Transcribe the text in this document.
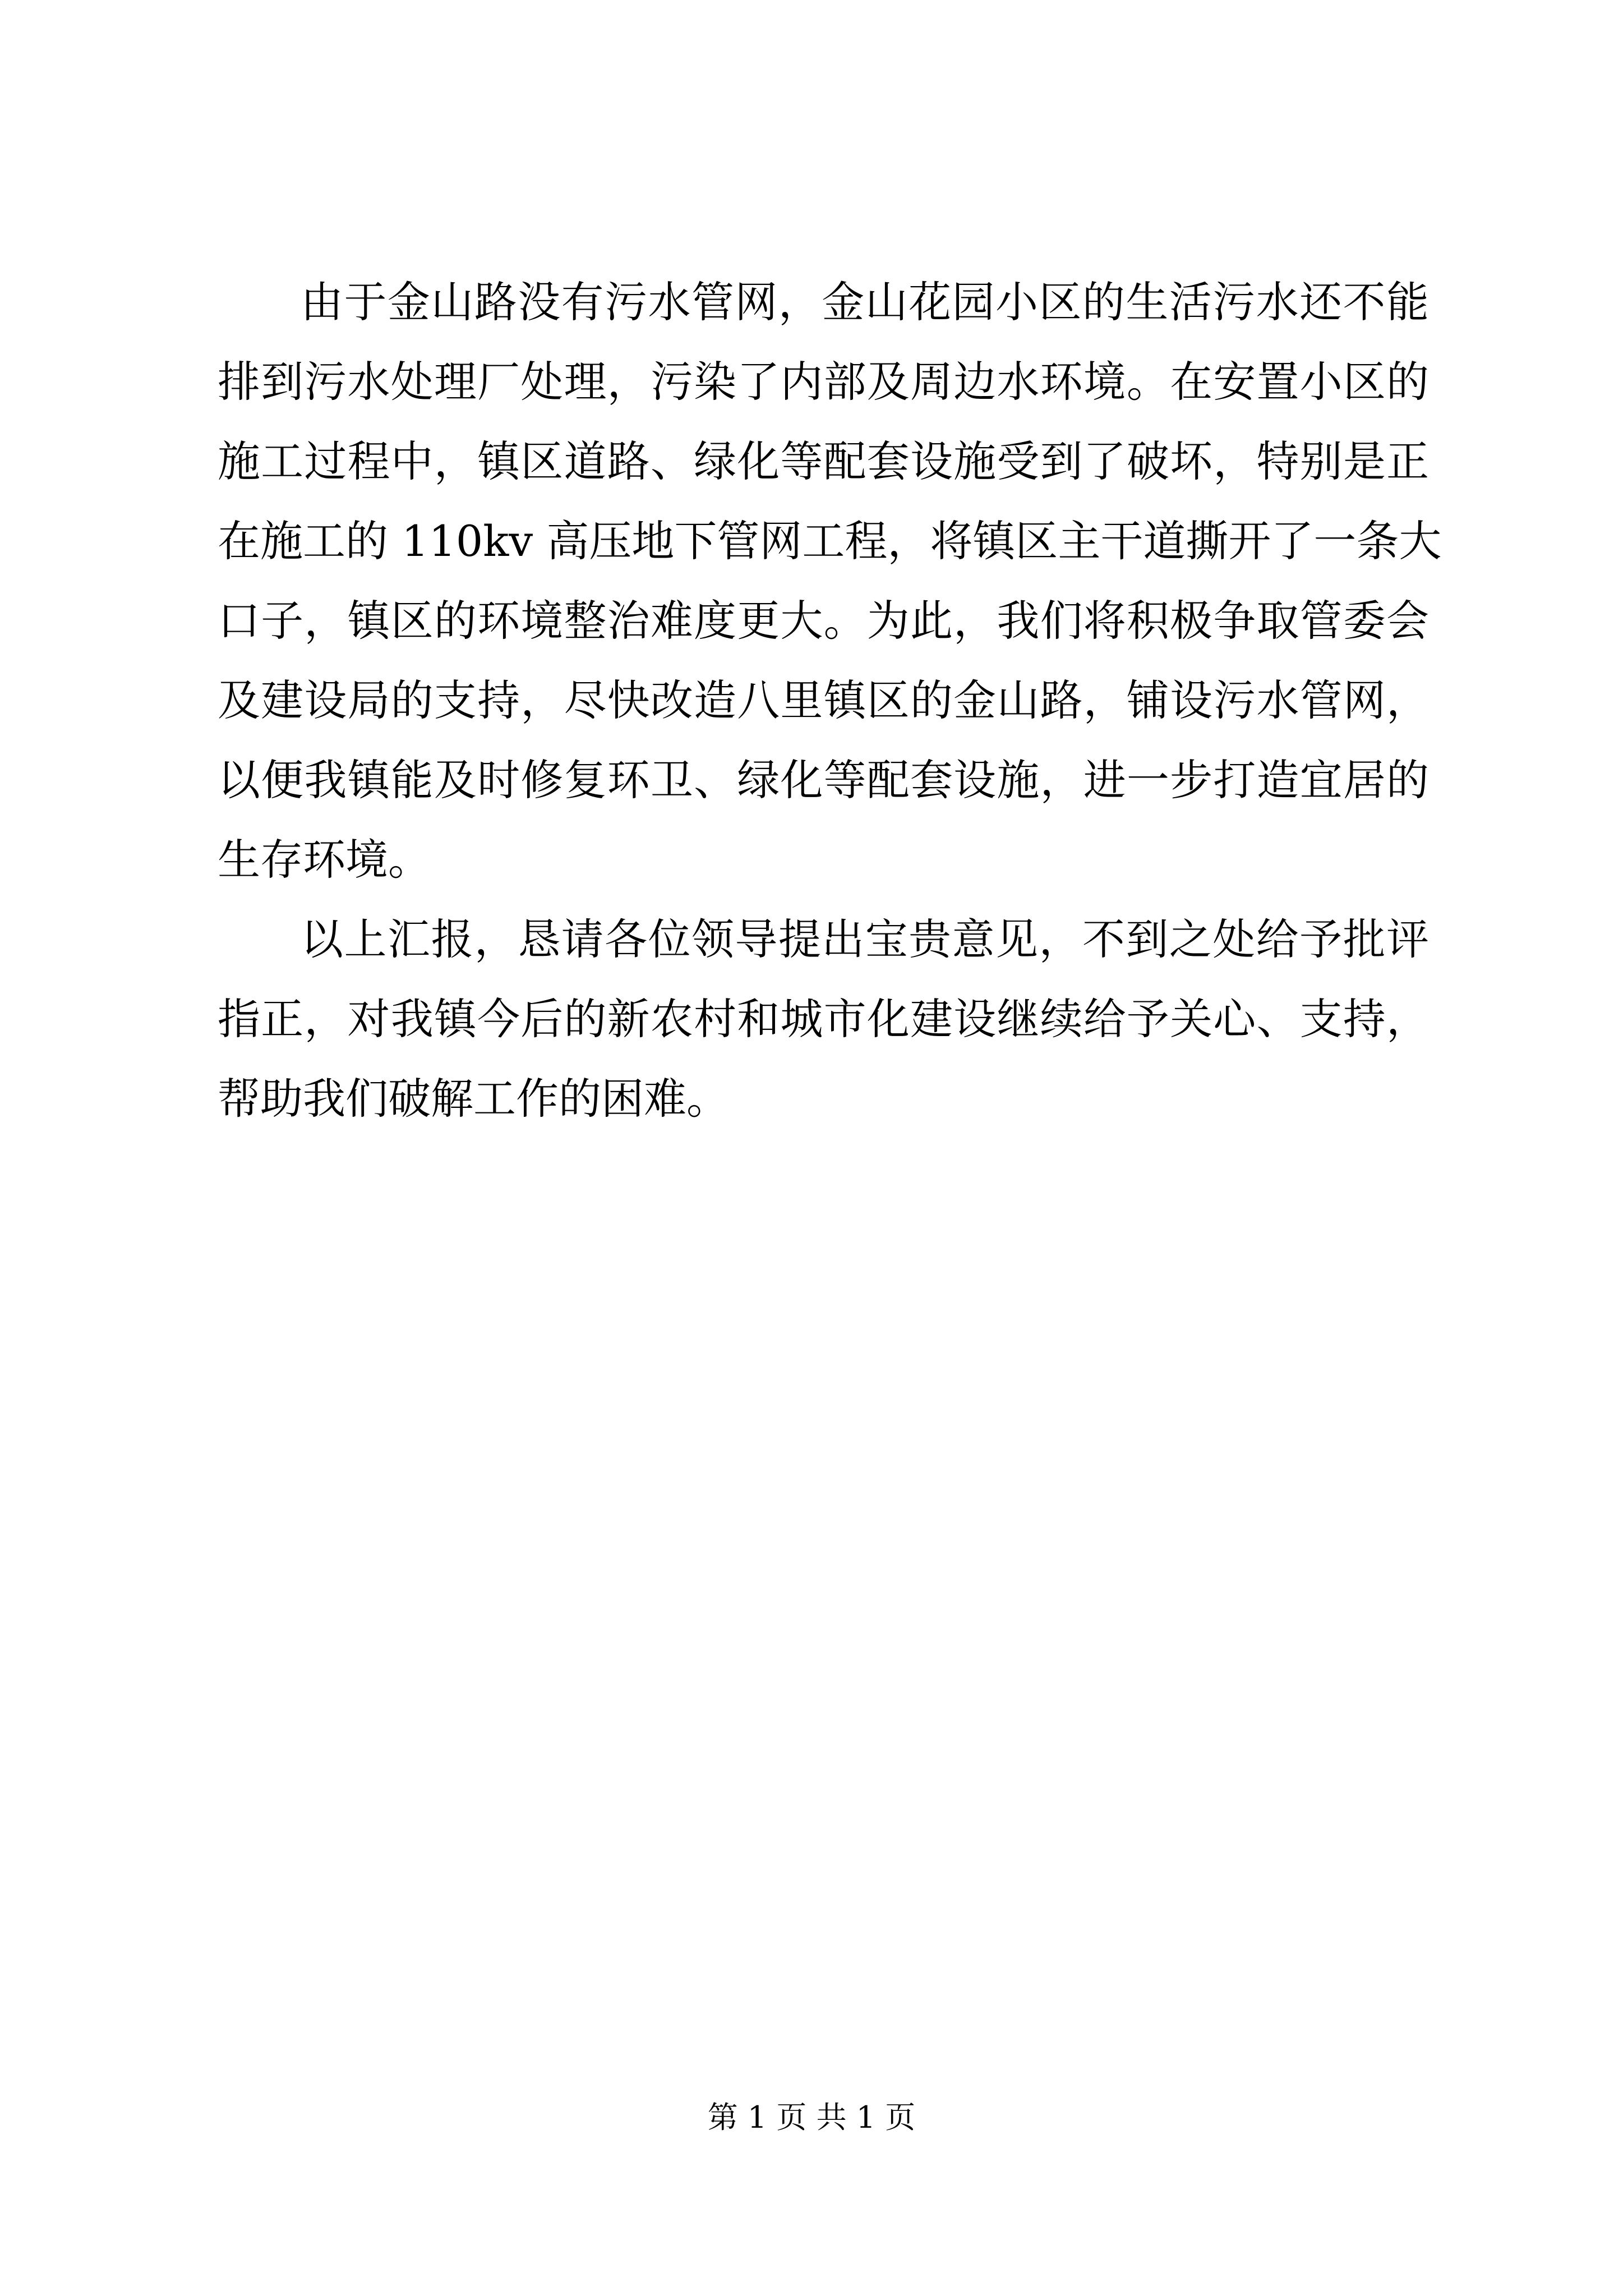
由于金山路没有污水管网，金山花园小区的生活污水还不能
排到污水处理厂处理，污染了内部及周边水环境。在安置小区的
施工过程中，镇区道路、绿化等配套设施受到了破坏，特别是正
在施工的 110kv 高压地下管网工程，将镇区主干道撕开了一条大
口子，镇区的环境整治难度更大。为此，我们将积极争取管委会
及建设局的支持，尽快改造八里镇区的金山路，铺设污水管网，
以便我镇能及时修复环卫、绿化等配套设施，进一步打造宜居的
生存环境。
以上汇报，恳请各位领导提出宝贵意见，不到之处给予批评
指正，对我镇今后的新农村和城市化建设继续给予关心、支持，
帮助我们破解工作的困难。
第 1 页 共 1 页
